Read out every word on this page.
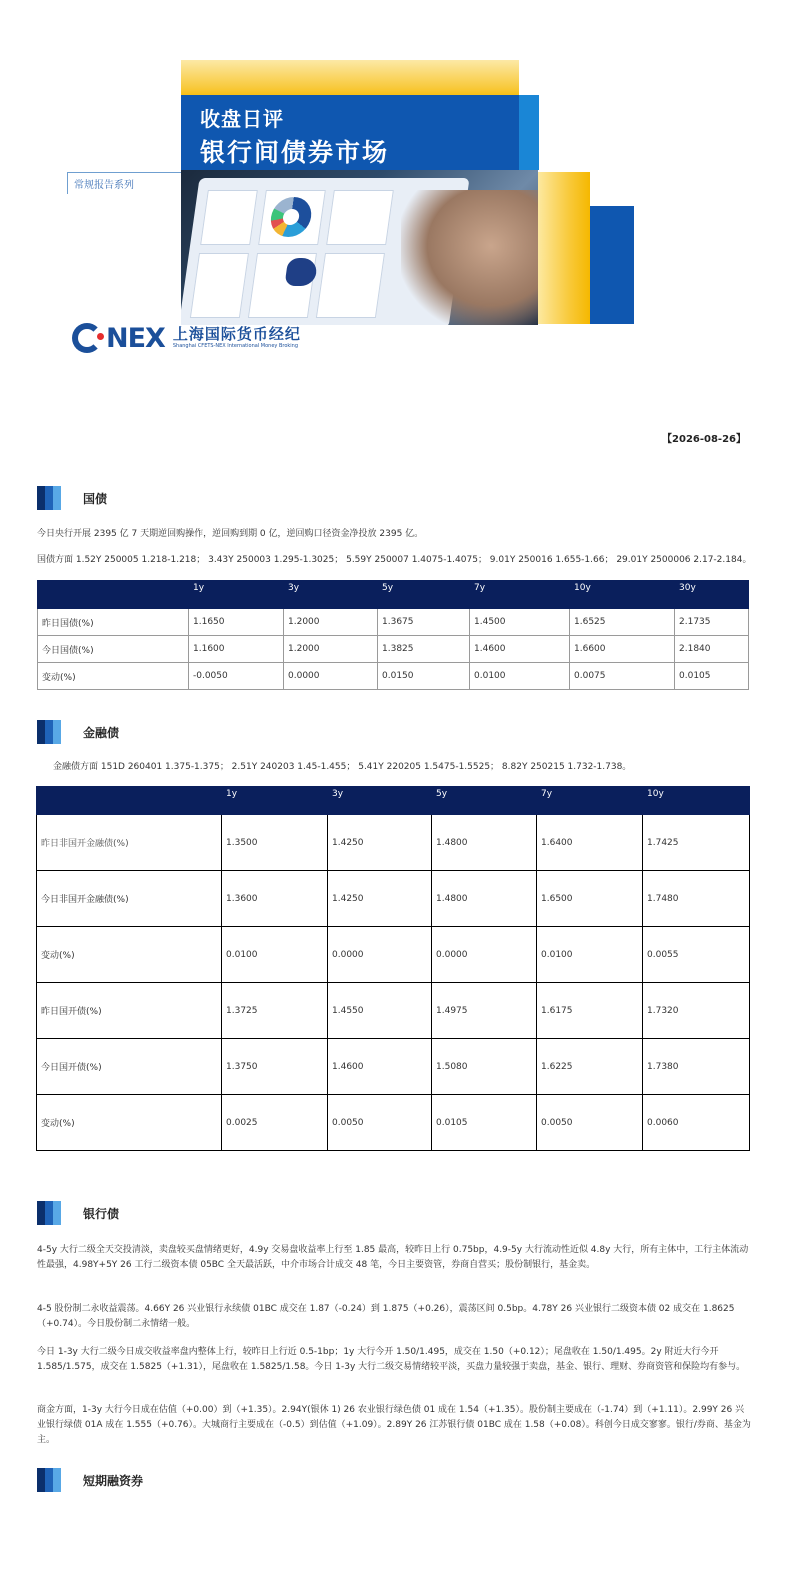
收盘日评
银行间债券市场
常规报告系列
NEX 上海国际货币经纪
Shanghai CFETS-NEX International Money Broking
【2026-08-26】
国债
今日央行开展 2395 亿 7 天期逆回购操作，逆回购到期 0 亿，逆回购口径资金净投放 2395 亿。
国债方面 1.52Y 250005 1.218-1.218； 3.43Y 250003 1.295-1.3025； 5.59Y 250007 1.4075-1.4075； 9.01Y 250016 1.655-1.66； 29.01Y 2500006 2.17-2.184。
	1y	3y	5y	7y	10y	30y
昨日国债(%)	1.1650	1.2000	1.3675	1.4500	1.6525	2.1735
今日国债(%)	1.1600	1.2000	1.3825	1.4600	1.6600	2.1840
变动(%)	-0.0050	0.0000	0.0150	0.0100	0.0075	0.0105
金融债
金融债方面 151D 260401 1.375-1.375； 2.51Y 240203 1.45-1.455； 5.41Y 220205 1.5475-1.5525； 8.82Y 250215 1.732-1.738。
	1y	3y	5y	7y	10y
昨日非国开金融债(%)	1.3500	1.4250	1.4800	1.6400	1.7425
今日非国开金融债(%)	1.3600	1.4250	1.4800	1.6500	1.7480
变动(%)	0.0100	0.0000	0.0000	0.0100	0.0055
昨日国开债(%)	1.3725	1.4550	1.4975	1.6175	1.7320
今日国开债(%)	1.3750	1.4600	1.5080	1.6225	1.7380
变动(%)	0.0025	0.0050	0.0105	0.0050	0.0060
银行债
4-5y 大行二级全天交投清淡，卖盘较买盘情绪更好，4.9y 交易盘收益率上行至 1.85 最高，较昨日上行 0.75bp，4.9-5y 大行流动性近似 4.8y 大行，所有主体中，工行主体流动性最强，4.98Y+5Y 26 工行二级资本债 05BC 全天最活跃，中介市场合计成交 48 笔，今日主要资管，券商自营买；股份制银行，基金卖。
4-5 股份制二永收益震荡。4.66Y 26 兴业银行永续债 01BC 成交在 1.87（-0.24）到 1.875（+0.26），震荡区间 0.5bp。4.78Y 26 兴业银行二级资本债 02 成交在 1.8625（+0.74）。今日股份制二永情绪一般。
今日 1-3y 大行二级今日成交收益率盘内整体上行，较昨日上行近 0.5-1bp；1y 大行今开 1.50/1.495，成交在 1.50（+0.12）；尾盘收在 1.50/1.495。2y 附近大行今开 1.585/1.575，成交在 1.5825（+1.31），尾盘收在 1.5825/1.58。今日 1-3y 大行二级交易情绪较平淡，买盘力量较强于卖盘，基金、银行、理财、券商资管和保险均有参与。
商金方面，1-3y 大行今日成在估值（+0.00）到（+1.35）。2.94Y(银休 1) 26 农业银行绿色债 01 成在 1.54（+1.35）。股份制主要成在（-1.74）到（+1.11）。2.99Y 26 兴业银行绿债 01A 成在 1.555（+0.76）。大城商行主要成在（-0.5）到估值（+1.09）。2.89Y 26 江苏银行债 01BC 成在 1.58（+0.08）。科创今日成交寥寥。银行/券商、基金为主。
短期融资券
